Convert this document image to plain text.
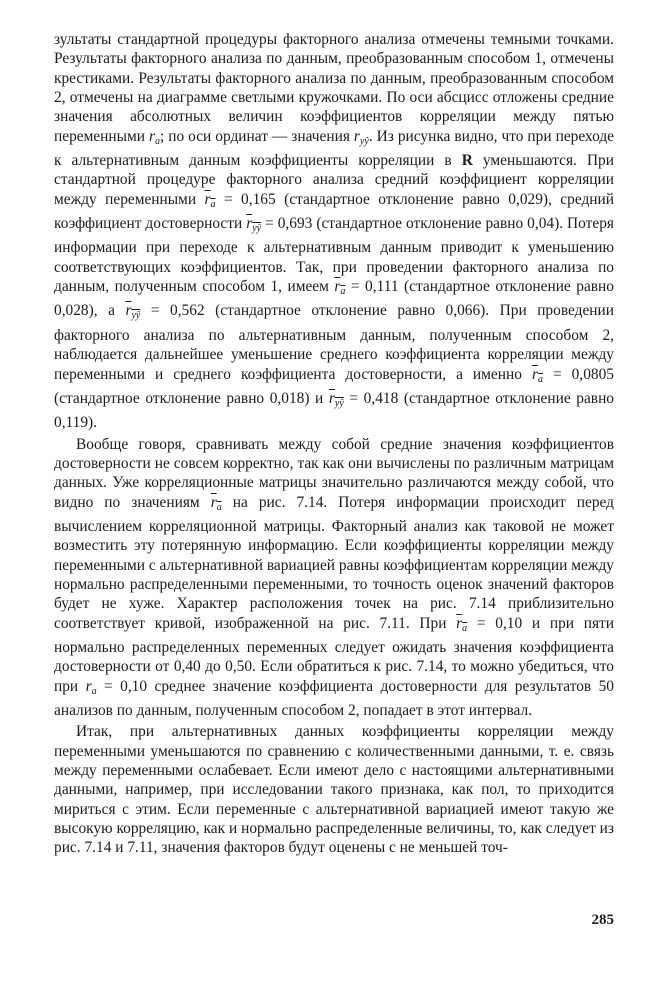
зультаты стандартной процедуры факторного анализа отмечены темными точками. Результаты факторного анализа по данным, преобразованным способом 1, отмечены крестиками. Результаты факторного анализа по данным, преобразованным способом 2, отмечены на диаграмме светлыми кружочками. По оси абсцисс отложены средние значения абсолютных величин коэффициентов корреляции между пятью переменными $r_a$; по оси ординат — значения $r_{yŷ}$. Из рисунка видно, что при переходе к альтернативным данным коэффициенты корреляции в R уменьшаются. При стандартной процедуре факторного анализа средний коэффициент корреляции между переменными $r_a = 0,165$ (стандартное отклонение равно 0,029), средний коэффициент достоверности $r_{yŷ} = 0,693$ (стандартное отклонение равно 0,04). Потеря информации при переходе к альтернативным данным приводит к уменьшению соответствующих коэффициентов. Так, при проведении факторного анализа по данным, полученным способом 1, имеем $r_a = 0,111$ (стандартное отклонение равно 0,028), а $r_{yŷ} = 0,562$ (стандартное отклонение равно 0,066). При проведении факторного анализа по альтернативным данным, полученным способом 2, наблюдается дальнейшее уменьшение среднего коэффициента корреляции между переменными и среднего коэффициента достоверности, а именно $r_a = 0,0805$ (стандартное отклонение равно 0,018) и $r_{yŷ} = 0,418$ (стандартное отклонение равно 0,119).

Вообще говоря, сравнивать между собой средние значения коэффициентов достоверности не совсем корректно, так как они вычислены по различным матрицам данных. Уже корреляционные матрицы значительно различаются между собой, что видно по значениям $r_a$ на рис. 7.14. Потеря информации происходит перед вычислением корреляционной матрицы. Факторный анализ как таковой не может возместить эту потерянную информацию. Если коэффициенты корреляции между переменными с альтернативной вариацией равны коэффициентам корреляции между нормально распределенными переменными, то точность оценок значений факторов будет не хуже. Характер расположения точек на рис. 7.14 приблизительно соответствует кривой, изображенной на рис. 7.11. При $r_a = 0,10$ и при пяти нормально распределенных переменных следует ожидать значения коэффициента достоверности от 0,40 до 0,50. Если обратиться к рис. 7.14, то можно убедиться, что при $r_a = 0,10$ среднее значение коэффициента достоверности для результатов 50 анализов по данным, полученным способом 2, попадает в этот интервал.

Итак, при альтернативных данных коэффициенты корреляции между переменными уменьшаются по сравнению с количественными данными, т. е. связь между переменными ослабевает. Если имеют дело с настоящими альтернативными данными, например, при исследовании такого признака, как пол, то приходится мириться с этим. Если переменные с альтернативной вариацией имеют такую же высокую корреляцию, как и нормально распределенные величины, то, как следует из рис. 7.14 и 7.11, значения факторов будут оценены с не меньшей точ-

285
